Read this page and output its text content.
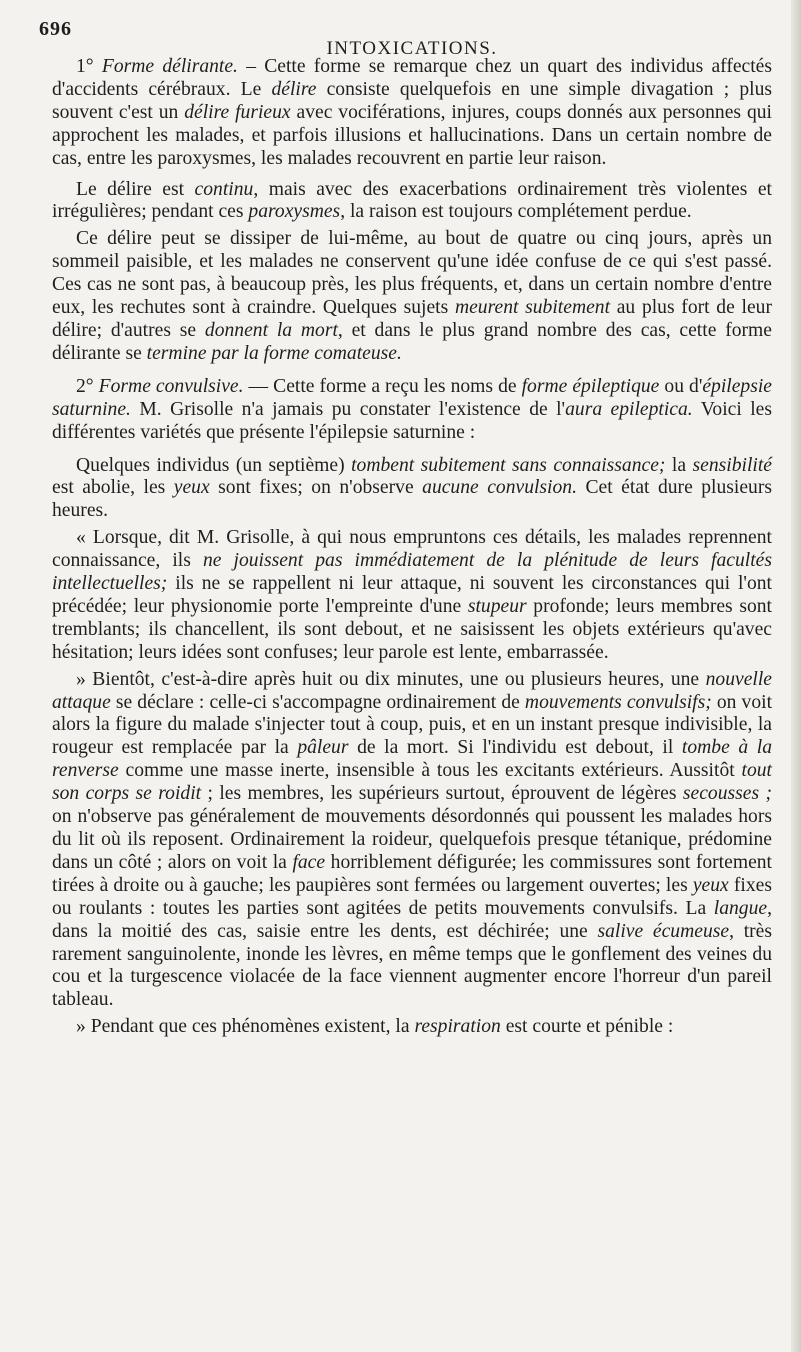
696
INTOXICATIONS.

1° Forme délirante. – Cette forme se remarque chez un quart des individus affectés d'accidents cérébraux. Le délire consiste quelquefois en une simple divagation ; plus souvent c'est un délire furieux avec vociférations, injures, coups donnés aux personnes qui approchent les malades, et parfois illusions et hallucinations. Dans un certain nombre de cas, entre les paroxysmes, les malades recouvrent en partie leur raison.

Le délire est continu, mais avec des exacerbations ordinairement très violentes et irrégulières; pendant ces paroxysmes, la raison est toujours complétement perdue.

Ce délire peut se dissiper de lui-même, au bout de quatre ou cinq jours, après un sommeil paisible, et les malades ne conservent qu'une idée confuse de ce qui s'est passé. Ces cas ne sont pas, à beaucoup près, les plus fréquents, et, dans un certain nombre d'entre eux, les rechutes sont à craindre. Quelques sujets meurent subitement au plus fort de leur délire; d'autres se donnent la mort, et dans le plus grand nombre des cas, cette forme délirante se termine par la forme comateuse.

2° Forme convulsive. — Cette forme a reçu les noms de forme épileptique ou d'épilepsie saturnine. M. Grisolle n'a jamais pu constater l'existence de l'aura epileptica. Voici les différentes variétés que présente l'épilepsie saturnine :

Quelques individus (un septième) tombent subitement sans connaissance; la sensibilité est abolie, les yeux sont fixes; on n'observe aucune convulsion. Cet état dure plusieurs heures.

« Lorsque, dit M. Grisolle, à qui nous empruntons ces détails, les malades reprennent connaissance, ils ne jouissent pas immédiatement de la plénitude de leurs facultés intellectuelles; ils ne se rappellent ni leur attaque, ni souvent les circonstances qui l'ont précédée; leur physionomie porte l'empreinte d'une stupeur profonde; leurs membres sont tremblants; ils chancellent, ils sont debout, et ne saisissent les objets extérieurs qu'avec hésitation; leurs idées sont confuses; leur parole est lente, embarrassée.

» Bientôt, c'est-à-dire après huit ou dix minutes, une ou plusieurs heures, une nouvelle attaque se déclare : celle-ci s'accompagne ordinairement de mouvements convulsifs; on voit alors la figure du malade s'injecter tout à coup, puis, et en un instant presque indivisible, la rougeur est remplacée par la pâleur de la mort. Si l'individu est debout, il tombe à la renverse comme une masse inerte, insensible à tous les excitants extérieurs. Aussitôt tout son corps se roidit ; les membres, les supérieurs surtout, éprouvent de légères secousses ; on n'observe pas généralement de mouvements désordonnés qui poussent les malades hors du lit où ils reposent. Ordinairement la roideur, quelquefois presque tétanique, prédomine dans un côté ; alors on voit la face horriblement défigurée; les commissures sont fortement tirées à droite ou à gauche; les paupières sont fermées ou largement ouvertes; les yeux fixes ou roulants : toutes les parties sont agitées de petits mouvements convulsifs. La langue, dans la moitié des cas, saisie entre les dents, est déchirée; une salive écumeuse, très rarement sanguinolente, inonde les lèvres, en même temps que le gonflement des veines du cou et la turgescence violacée de la face viennent augmenter encore l'horreur d'un pareil tableau.

» Pendant que ces phénomènes existent, la respiration est courte et pénible :
